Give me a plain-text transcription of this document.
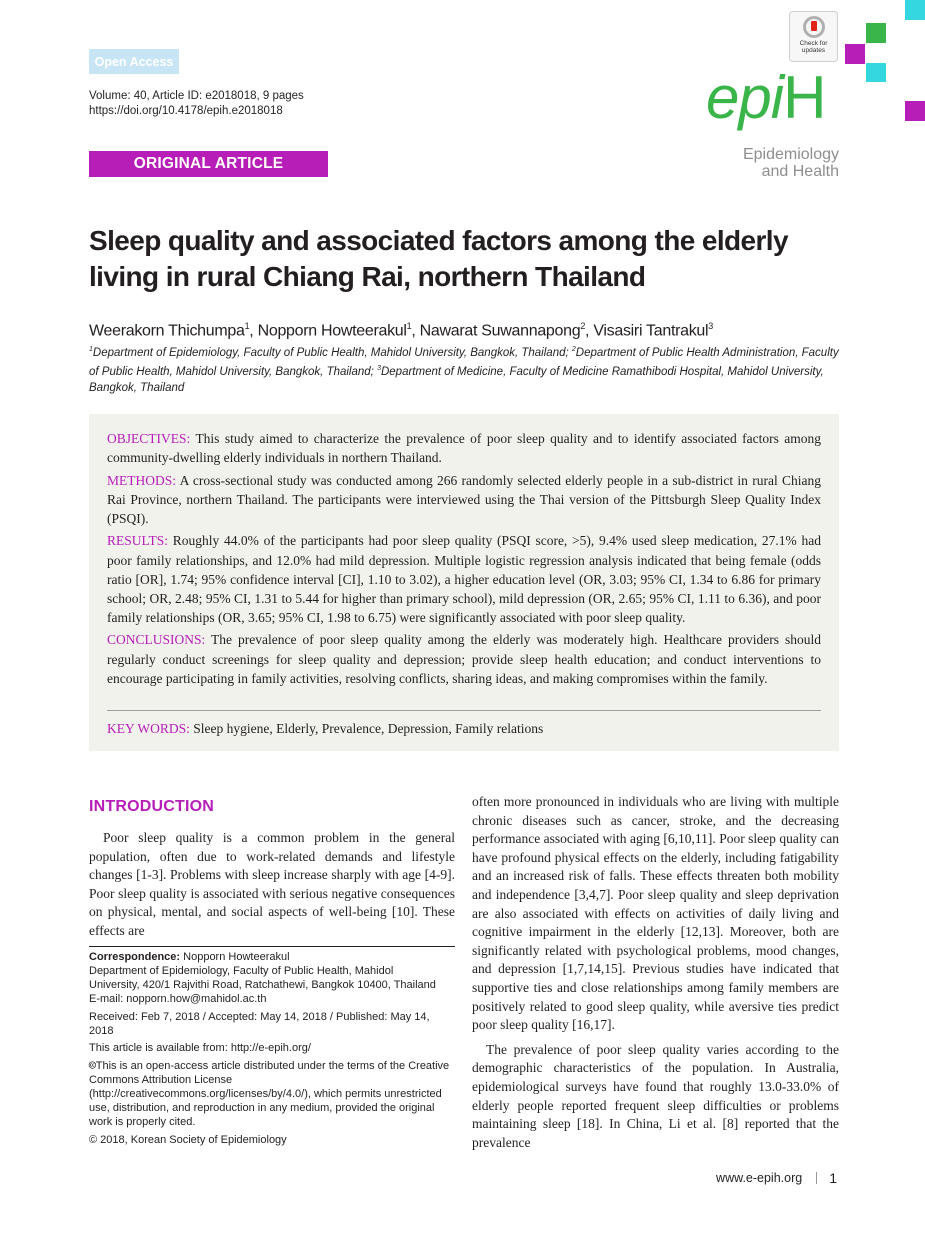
Open Access
Volume: 40, Article ID: e2018018, 9 pages
https://doi.org/10.4178/epih.e2018018
Check for updates
epiH
Epidemiology
and Health
ORIGINAL ARTICLE
Sleep quality and associated factors among the elderly
living in rural Chiang Rai, northern Thailand
Weerakorn Thichumpa$^1$, Nopporn Howteerakul$^1$, Nawarat Suwannapong$^2$, Visasiri Tantrakul$^3$
$^1$Department of Epidemiology, Faculty of Public Health, Mahidol University, Bangkok, Thailand; $^2$Department of Public Health Administration, Faculty of Public Health, Mahidol University, Bangkok, Thailand; $^3$Department of Medicine, Faculty of Medicine Ramathibodi Hospital, Mahidol University, Bangkok, Thailand

OBJECTIVES: This study aimed to characterize the prevalence of poor sleep quality and to identify associated factors among community-dwelling elderly individuals in northern Thailand.

METHODS: A cross-sectional study was conducted among 266 randomly selected elderly people in a sub-district in rural Chiang Rai Province, northern Thailand. The participants were interviewed using the Thai version of the Pittsburgh Sleep Quality Index (PSQI).

RESULTS: Roughly 44.0% of the participants had poor sleep quality (PSQI score, >5), 9.4% used sleep medication, 27.1% had poor family relationships, and 12.0% had mild depression. Multiple logistic regression analysis indicated that being female (odds ratio [OR], 1.74; 95% confidence interval [CI], 1.10 to 3.02), a higher education level (OR, 3.03; 95% CI, 1.34 to 6.86 for primary school; OR, 2.48; 95% CI, 1.31 to 5.44 for higher than primary school), mild depression (OR, 2.65; 95% CI, 1.11 to 6.36), and poor family relationships (OR, 3.65; 95% CI, 1.98 to 6.75) were significantly associated with poor sleep quality.

CONCLUSIONS: The prevalence of poor sleep quality among the elderly was moderately high. Healthcare providers should regularly conduct screenings for sleep quality and depression; provide sleep health education; and conduct interventions to encourage participating in family activities, resolving conflicts, sharing ideas, and making compromises within the family.

KEY WORDS: Sleep hygiene, Elderly, Prevalence, Depression, Family relations
INTRODUCTION

Poor sleep quality is a common problem in the general population, often due to work-related demands and lifestyle changes [1-3]. Problems with sleep increase sharply with age [4-9]. Poor sleep quality is associated with serious negative consequences on physical, mental, and social aspects of well-being [10]. These effects are

Correspondence: Nopporn Howteerakul
Department of Epidemiology, Faculty of Public Health, Mahidol
University, 420/1 Rajvithi Road, Ratchathewi, Bangkok 10400, Thailand
E-mail: nopporn.how@mahidol.ac.th
Received: Feb 7, 2018 / Accepted: May 14, 2018 / Published: May 14, 2018
This article is available from: http://e-epih.org/
🅭This is an open-access article distributed under the terms of the Creative Commons Attribution License (http://creativecommons.org/licenses/by/4.0/), which permits unrestricted use, distribution, and reproduction in any medium, provided the original work is properly cited.
© 2018, Korean Society of Epidemiology

often more pronounced in individuals who are living with multiple chronic diseases such as cancer, stroke, and the decreasing performance associated with aging [6,10,11]. Poor sleep quality can have profound physical effects on the elderly, including fatigability and an increased risk of falls. These effects threaten both mobility and independence [3,4,7]. Poor sleep quality and sleep deprivation are also associated with effects on activities of daily living and cognitive impairment in the elderly [12,13]. Moreover, both are significantly related with psychological problems, mood changes, and depression [1,7,14,15]. Previous studies have indicated that supportive ties and close relationships among family members are positively related to good sleep quality, while aversive ties predict poor sleep quality [16,17].

The prevalence of poor sleep quality varies according to the demographic characteristics of the population. In Australia, epidemiological surveys have found that roughly 13.0-33.0% of elderly people reported frequent sleep difficulties or problems maintaining sleep [18]. In China, Li et al. [8] reported that the prevalence

www.e-epih.org 1
